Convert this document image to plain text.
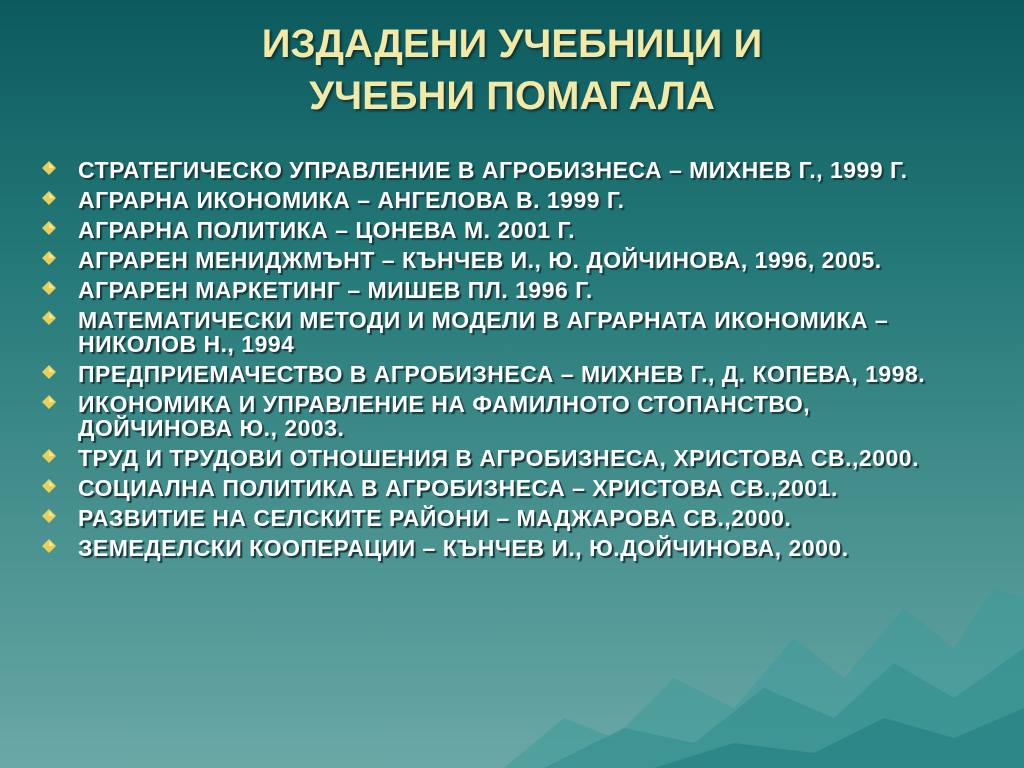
ИЗДАДЕНИ УЧЕБНИЦИ И
УЧЕБНИ ПОМАГАЛА
СТРАТЕГИЧЕСКО УПРАВЛЕНИЕ В АГРОБИЗНЕСА – МИХНЕВ Г., 1999 Г.
АГРАРНА ИКОНОМИКА – АНГЕЛОВА В. 1999 Г.
АГРАРНА ПОЛИТИКА – ЦОНЕВА М. 2001 Г.
АГРАРЕН МЕНИДЖМЪНТ – КЪНЧЕВ И., Ю. ДОЙЧИНОВА, 1996, 2005.
АГРАРЕН МАРКЕТИНГ – МИШЕВ ПЛ. 1996 Г.
МАТЕМАТИЧЕСКИ МЕТОДИ И МОДЕЛИ В АГРАРНАТА ИКОНОМИКА – НИКОЛОВ Н., 1994
ПРЕДПРИЕМАЧЕСТВО В АГРОБИЗНЕСА – МИХНЕВ Г., Д. КОПЕВА, 1998.
ИКОНОМИКА И УПРАВЛЕНИЕ НА ФАМИЛНОТО СТОПАНСТВО, ДОЙЧИНОВА Ю., 2003.
ТРУД И ТРУДОВИ ОТНОШЕНИЯ В АГРОБИЗНЕСА, ХРИСТОВА СВ.,2000.
СОЦИАЛНА ПОЛИТИКА В АГРОБИЗНЕСА – ХРИСТОВА СВ.,2001.
РАЗВИТИЕ НА СЕЛСКИТЕ РАЙОНИ – МАДЖАРОВА СВ.,2000.
ЗЕМЕДЕЛСКИ КООПЕРАЦИИ – КЪНЧЕВ И., Ю.ДОЙЧИНОВА, 2000.
